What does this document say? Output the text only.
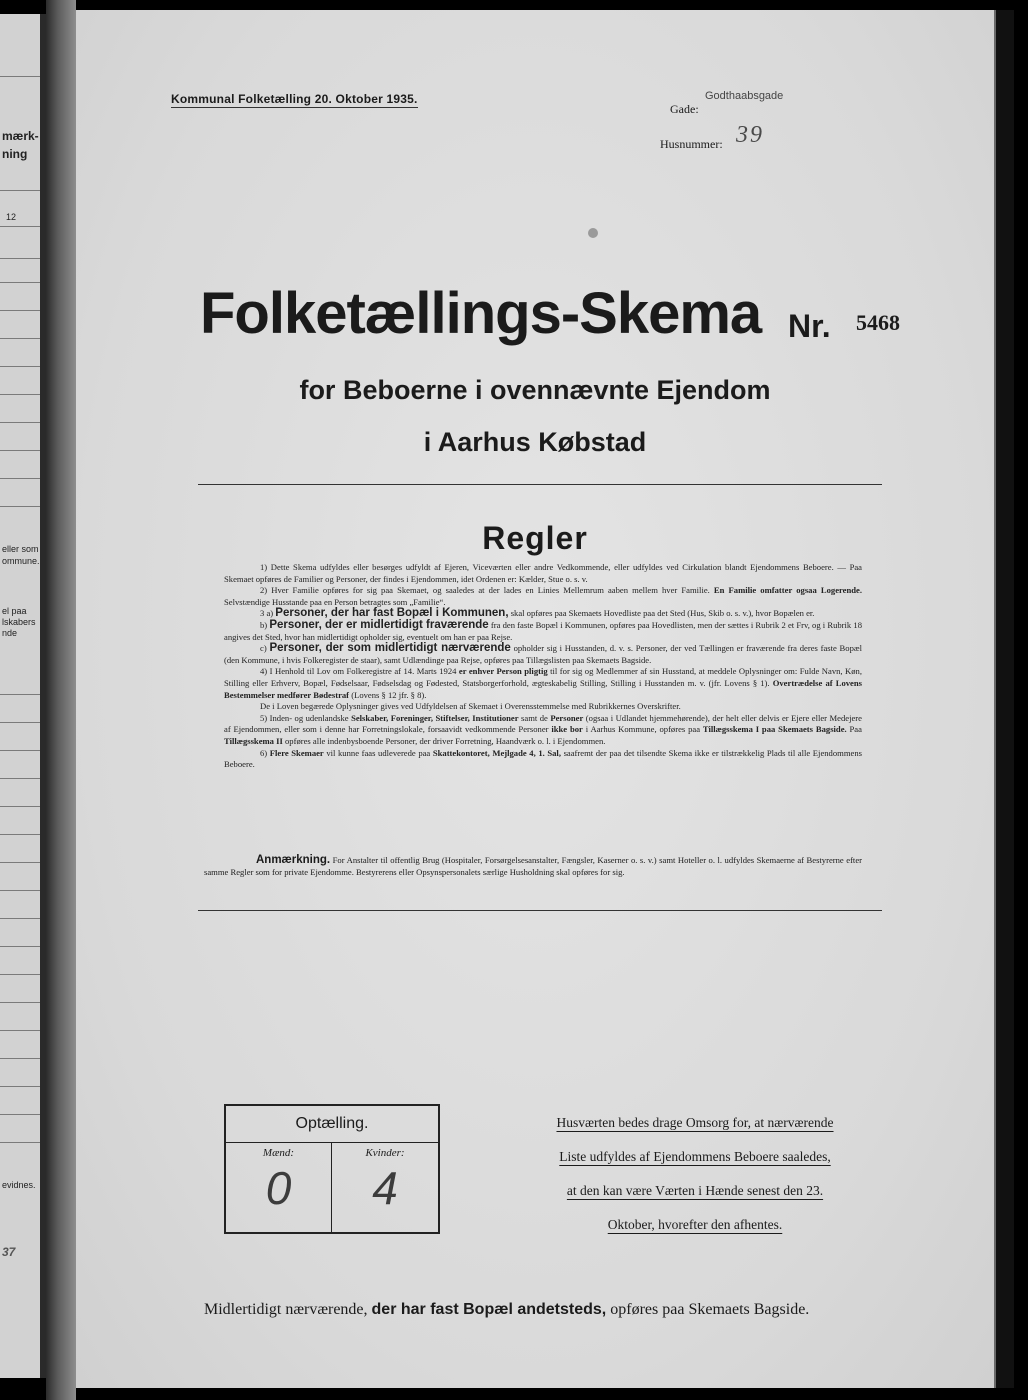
mærk-
ning
12
eller som
ommune.
el paa
lskabers
nde
evidnes.
37
Kommunal Folketælling 20. Oktober 1935.
Gade:
Godthaabsgade
Husnummer: 39
Folketællings-Skema Nr. 5468
for Beboerne i ovennævnte Ejendom
i Aarhus Købstad
Regler

1) Dette Skema udfyldes eller besørges udfyldt af Ejeren, Viceværten eller andre Vedkommende, eller udfyldes ved Cirkulation blandt Ejendommens Beboere. — Paa Skemaet opføres de Familier og Personer, der findes i Ejendommen, idet Ordenen er: Kælder, Stue o. s. v.

2) Hver Familie opføres for sig paa Skemaet, og saaledes at der lades en Linies Mellemrum aaben mellem hver Familie. En Familie omfatter ogsaa Logerende. Selvstændige Husstande paa en Person betragtes som „Familie“.

3 a) Personer, der har fast Bopæl i Kommunen, skal opføres paa Skemaets Hovedliste paa det Sted (Hus, Skib o. s. v.), hvor Bopælen er.

b) Personer, der er midlertidigt fraværende fra den faste Bopæl i Kommunen, opføres paa Hovedlisten, men der sættes i Rubrik 2 et Frv, og i Rubrik 18 angives det Sted, hvor han midlertidigt opholder sig, eventuelt om han er paa Rejse.

c) Personer, der som midlertidigt nærværende opholder sig i Husstanden, d. v. s. Personer, der ved Tællingen er fraværende fra deres faste Bopæl (den Kommune, i hvis Folkeregister de staar), samt Udlændinge paa Rejse, opføres paa Tillægslisten paa Skemaets Bagside.

4) I Henhold til Lov om Folkeregistre af 14. Marts 1924 er enhver Person pligtig til for sig og Medlemmer af sin Husstand, at meddele Oplysninger om: Fulde Navn, Køn, Stilling eller Erhverv, Bopæl, Fødselsaar, Fødselsdag og Fødested, Statsborgerforhold, ægteskabelig Stilling, Stilling i Husstanden m. v. (jfr. Lovens § 1). Overtrædelse af Lovens Bestemmelser medfører Bødestraf (Lovens § 12 jfr. § 8).

De i Loven begærede Oplysninger gives ved Udfyldelsen af Skemaet i Overensstemmelse med Rubrikkernes Overskrifter.

5) Inden- og udenlandske Selskaber, Foreninger, Stiftelser, Institutioner samt de Personer (ogsaa i Udlandet hjemmehørende), der helt eller delvis er Ejere eller Medejere af Ejendommen, eller som i denne har Forretningslokale, forsaavidt vedkommende Personer ikke bor i Aarhus Kommune, opføres paa Tillægsskema I paa Skemaets Bagside. Paa Tillægsskema II opføres alle indenbysboende Personer, der driver Forretning, Haandværk o. l. i Ejendommen.

6) Flere Skemaer vil kunne faas udleverede paa Skattekontoret, Mejlgade 4, 1. Sal, saafremt der paa det tilsendte Skema ikke er tilstrækkelig Plads til alle Ejendommens Beboere.

Anmærkning. For Anstalter til offentlig Brug (Hospitaler, Forsørgelsesanstalter, Fængsler, Kaserner o. s. v.) samt Hoteller o. l. udfyldes Skemaerne af Bestyrerne efter samme Regler som for private Ejendomme. Bestyrerens eller Opsynspersonalets særlige Husholdning skal opføres for sig.

Optælling.
Mænd:
0
Kvinder:
4
Husværten bedes drage Omsorg for, at nærværende
Liste udfyldes af Ejendommens Beboere saaledes,
at den kan være Værten i Hænde senest den 23.
Oktober, hvorefter den afhentes.
Midlertidigt nærværende, der har fast Bopæl andetsteds, opføres paa Skemaets Bagside.
